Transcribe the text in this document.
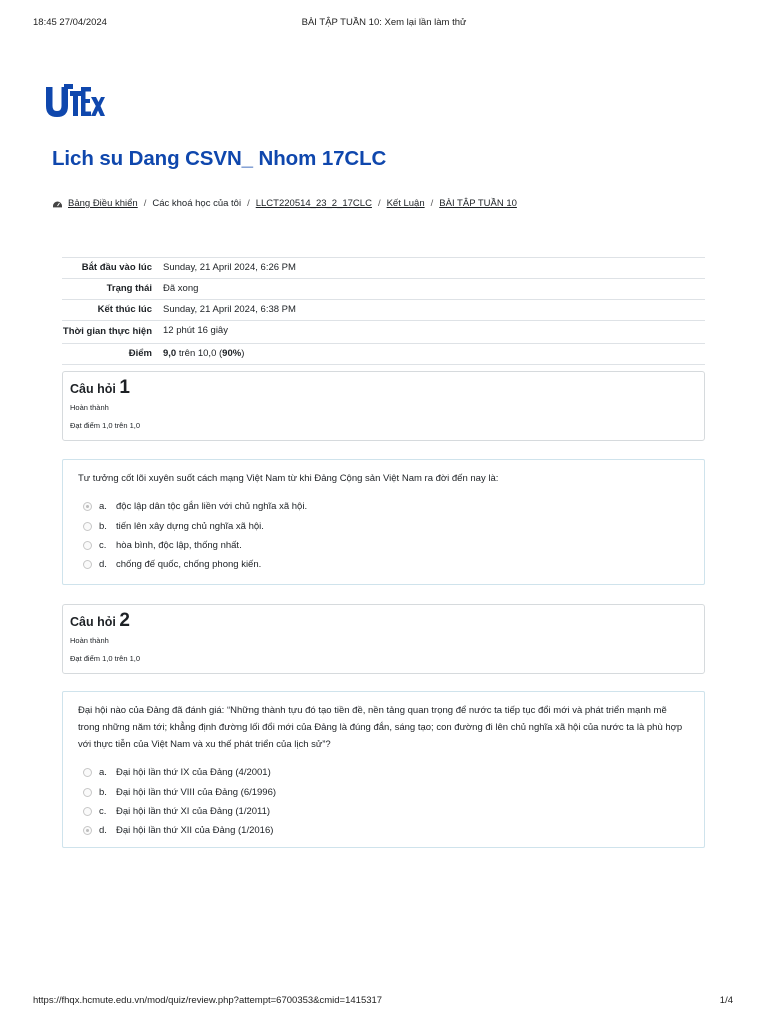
18:45 27/04/2024	BÀI TẬP TUẦN 10: Xem lại lần làm thử
Lich su Dang CSVN_ Nhom 17CLC
Bảng Điều khiển / Các khoá học của tôi / LLCT220514_23_2_17CLC / Kết Luận / BÀI TẬP TUẦN 10
Bắt đầu vào lúc	Sunday, 21 April 2024, 6:26 PM
Trạng thái	Đã xong
Kết thúc lúc	Sunday, 21 April 2024, 6:38 PM
Thời gian thực hiện	12 phút 16 giây
Điểm	9,0 trên 10,0 (90%)
Câu hỏi 1
Hoàn thành
Đạt điểm 1,0 trên 1,0
Tư tưởng cốt lõi xuyên suốt cách mạng Việt Nam từ khi Đảng Cộng sản Việt Nam ra đời đến nay là:
a. độc lập dân tộc gắn liền với chủ nghĩa xã hội.
b. tiến lên xây dựng chủ nghĩa xã hội.
c.	hòa bình, độc lập, thống nhất.
d. chống đế quốc, chống phong kiến.
Câu hỏi 2
Hoàn thành
Đạt điểm 1,0 trên 1,0
Đại hội nào của Đảng đã đánh giá: “Những thành tựu đó tạo tiền đề, nền tảng quan trọng để nước ta tiếp tục đổi mới và phát triển mạnh mẽ trong những năm tới; khẳng định đường lối đổi mới của Đảng là đúng đắn, sáng tạo; con đường đi lên chủ nghĩa xã hội của nước ta là phù hợp với thực tiễn của Việt Nam và xu thế phát triển của lịch sử”?
a. Đại hội lần thứ IX của Đảng (4/2001)
b. Đại hội lần thứ VIII của Đảng (6/1996)
c.	Đại hội lần thứ XI của Đảng (1/2011)
d. Đại hội lần thứ XII của Đảng (1/2016)
https://fhqx.hcmute.edu.vn/mod/quiz/review.php?attempt=6700353&cmid=1415317	1/4
